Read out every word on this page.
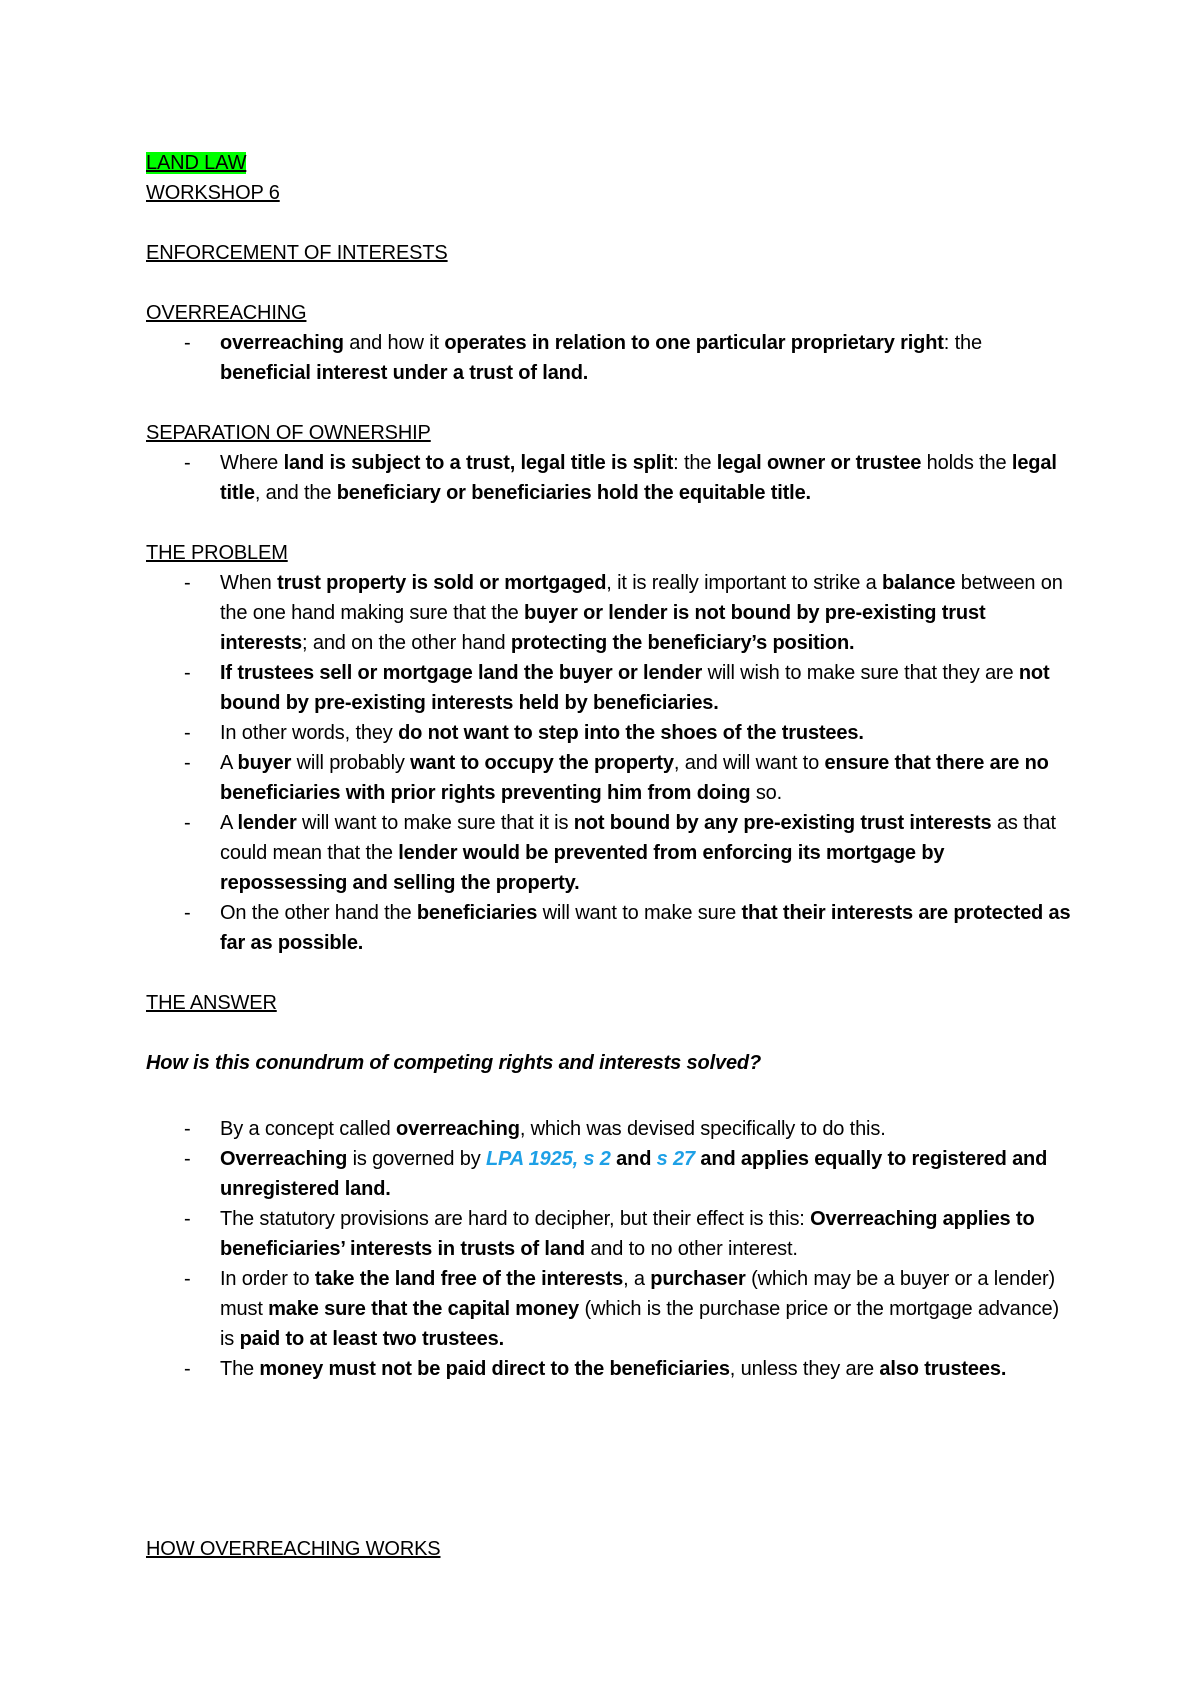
LAND LAW
WORKSHOP 6
ENFORCEMENT OF INTERESTS
OVERREACHING
- overreaching and how it operates in relation to one particular proprietary right: the beneficial interest under a trust of land.
SEPARATION OF OWNERSHIP
- Where land is subject to a trust, legal title is split: the legal owner or trustee holds the legal title, and the beneficiary or beneficiaries hold the equitable title.
THE PROBLEM
- When trust property is sold or mortgaged, it is really important to strike a balance between on the one hand making sure that the buyer or lender is not bound by pre-existing trust interests; and on the other hand protecting the beneficiary’s position.
- If trustees sell or mortgage land the buyer or lender will wish to make sure that they are not bound by pre-existing interests held by beneficiaries.
- In other words, they do not want to step into the shoes of the trustees.
- A buyer will probably want to occupy the property, and will want to ensure that there are no beneficiaries with prior rights preventing him from doing so.
- A lender will want to make sure that it is not bound by any pre-existing trust interests as that could mean that the lender would be prevented from enforcing its mortgage by repossessing and selling the property.
- On the other hand the beneficiaries will want to make sure that their interests are protected as far as possible.
THE ANSWER
How is this conundrum of competing rights and interests solved?
- By a concept called overreaching, which was devised specifically to do this.
- Overreaching is governed by LPA 1925, s 2 and s 27 and applies equally to registered and unregistered land.
- The statutory provisions are hard to decipher, but their effect is this: Overreaching applies to beneficiaries’ interests in trusts of land and to no other interest.
- In order to take the land free of the interests, a purchaser (which may be a buyer or a lender) must make sure that the capital money (which is the purchase price or the mortgage advance) is paid to at least two trustees.
- The money must not be paid direct to the beneficiaries, unless they are also trustees.
HOW OVERREACHING WORKS
